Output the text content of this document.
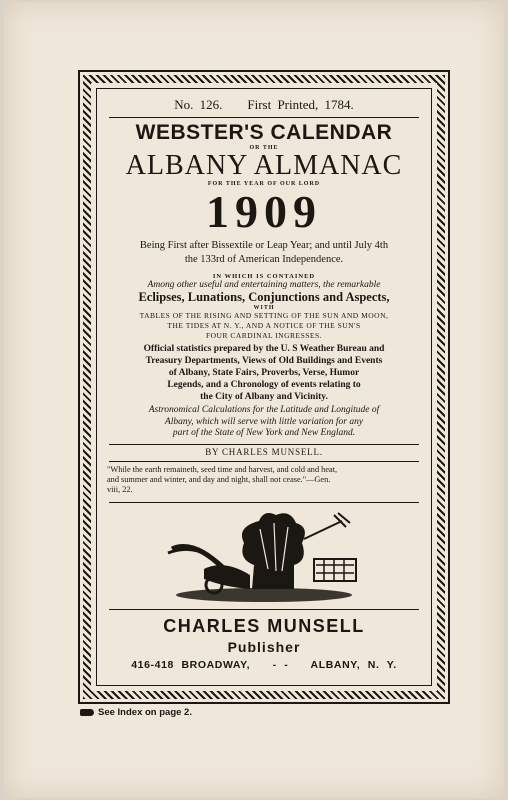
No. 126. First Printed, 1784.
WEBSTER'S CALENDAR
OR THE
ALBANY ALMANAC
FOR THE YEAR OF OUR LORD
1909
Being First after Bissextile or Leap Year; and until July 4th
the 133rd of American Independence.
IN WHICH IS CONTAINED
Among other useful and entertaining matters, the remarkable
Eclipses, Lunations, Conjunctions and Aspects,
WITH
TABLES OF THE RISING AND SETTING OF THE SUN AND MOON,
THE TIDES AT N. Y., AND A NOTICE OF THE SUN'S
FOUR CARDINAL INGRESSES.
Official statistics prepared by the U. S Weather Bureau and
Treasury Departments, Views of Old Buildings and Events
of Albany, State Fairs, Proverbs, Verse, Humor
Legends, and a Chronology of events relating to
the City of Albany and Vicinity.
Astronomical Calculations for the Latitude and Longitude of
Albany, which will serve with little variation for any
part of the State of New York and New England.
BY CHARLES MUNSELL.
"While the earth remaineth, seed time and harvest, and cold and heat,
and summer and winter, and day and night, shall not cease."—Gen.
viii, 22.
CHARLES MUNSELL
Publisher
416-418 BROADWAY, - - ALBANY, N. Y.
See Index on page 2.
